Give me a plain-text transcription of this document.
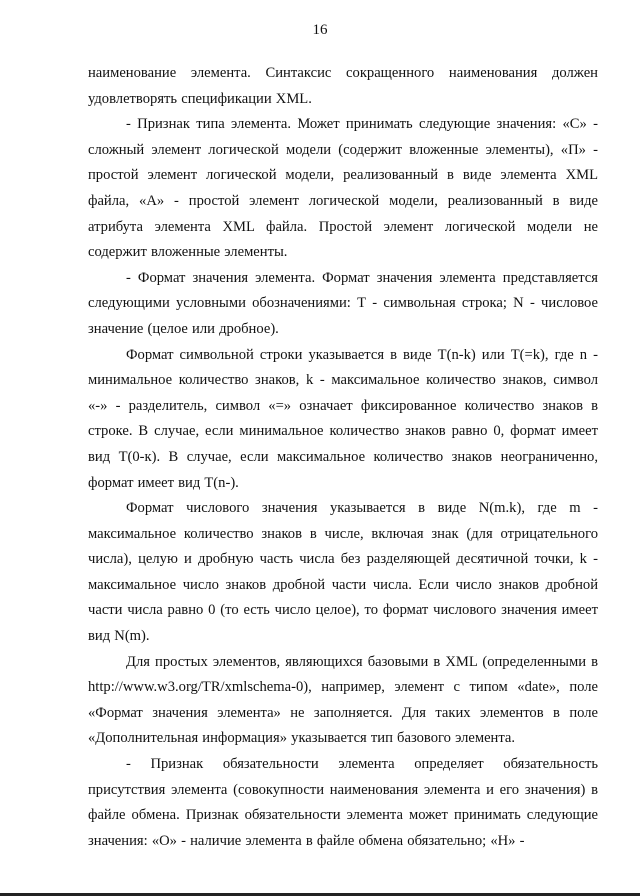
16

наименование элемента. Синтаксис сокращенного наименования должен удовлетворять спецификации XML.

- Признак типа элемента. Может принимать следующие значения: «С» - сложный элемент логической модели (содержит вложенные элементы), «П» - простой элемент логической модели, реализованный в виде элемента XML файла, «А» - простой элемент логической модели, реализованный в виде атрибута элемента XML файла. Простой элемент логической модели не содержит вложенные элементы.

- Формат значения элемента. Формат значения элемента представляется следующими условными обозначениями: Т - символьная строка; N - числовое значение (целое или дробное).

Формат символьной строки указывается в виде Т(n-k) или Т(=k), где n - минимальное количество знаков, k - максимальное количество знаков, символ «-» - разделитель, символ «=» означает фиксированное количество знаков в строке. В случае, если минимальное количество знаков равно 0, формат имеет вид Т(0-к). В случае, если максимальное количество знаков неограниченно, формат имеет вид Т(n-).

Формат числового значения указывается в виде N(m.k), где m - максимальное количество знаков в числе, включая знак (для отрицательного числа), целую и дробную часть числа без разделяющей десятичной точки, k - максимальное число знаков дробной части числа. Если число знаков дробной части числа равно 0 (то есть число целое), то формат числового значения имеет вид N(m).

Для простых элементов, являющихся базовыми в XML (определенными в http://www.w3.org/TR/xmlschema-0), например, элемент с типом «date», поле «Формат значения элемента» не заполняется. Для таких элементов в поле «Дополнительная информация» указывается тип базового элемента.

- Признак обязательности элемента определяет обязательность присутствия элемента (совокупности наименования элемента и его значения) в файле обмена. Признак обязательности элемента может принимать следующие значения: «О» - наличие элемента в файле обмена обязательно; «Н» -
